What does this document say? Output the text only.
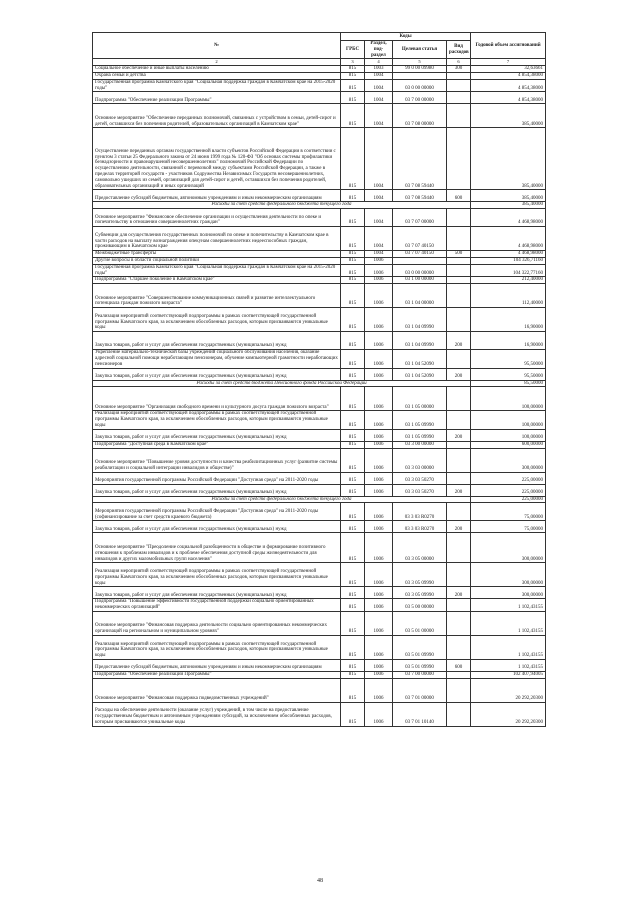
№	Коды				Годовой объем ассигнований
	ГРБС	Раздел, под-раздел	Целевая статья	Вид расходов	
2	3	4	5	6	7
Социальное обеспечение и иные выплаты населению	815	1003	99 0 00 09980	300	32,63661
Охрана семьи и детства	815	1004			4 854,38000
Государственная программа Камчатского края "Социальная поддержка граждан в Камчатском крае на 2015-2020 годы"	815	1004	03 0 00 00000		4 854,38000
Подпрограмма "Обеспечение реализации Программы"	815	1004	03 7 00 00000		4 854,38000
Основное мероприятие "Обеспечение переданных полномочий, связанных с устройством в семьи, детей-сирот и детей, оставшихся без попечения родителей, образовательных организаций в Камчатском крае"	815	1004	03 7 08 00000		385,40000
Осуществление переданных органам государственной власти субъектов Российской Федерации в соответствии с пунктом 3 статьи 25 Федерального закона от 24 июня 1999 года № 120-ФЗ "Об основах системы профилактики безнадзорности и правонарушений несовершеннолетних" полномочий Российской Федерации по осуществлению деятельности, связанной с перевозкой между субъектами Российской Федерации, а также в пределах территорий государств - участников Содружества Независимых Государств несовершеннолетних, самовольно ушедших из семей, организаций для детей-сирот и детей, оставшихся без попечения родителей, образовательных организаций и иных организаций	815	1004	03 7 08 59440		385,40000
Предоставление субсидий бюджетным, автономным учреждениям и иным некоммерческим организациям	815	1004	03 7 08 59440	600	385,40000
Расходы за счет средств федерального бюджета текущего года					385,40000
Основное мероприятие "Финансовое обеспечение организации и осуществления деятельности по опеке и попечительству в отношении совершеннолетних граждан"	815	1004	03 7 07 00000		4 468,98000
Субвенции для осуществления государственных полномочий по опеке и попечительству в Камчатском крае в части расходов на выплату вознаграждения опекунам совершеннолетних недееспособных граждан, проживающим в Камчатском крае	815	1004	03 7 07 40150		4 468,98000
Межбюджетные трансферты	815	1004	03 7 07 40150	500	4 468,98000
Другие вопросы в области социальной политики	815	1006			104 326,71160
Государственная программа Камчатского края "Социальная поддержка граждан в Камчатском крае на 2015-2020 годы"	815	1006	03 0 00 00000		104 322,77160
Подпрограмма "Старшее поколение в Камчатском крае"	815	1006	03 1 00 00000		212,40000
Основное мероприятие "Совершенствование коммуникационных связей и развитие интеллектуального потенциала граждан пожилого возраста"	815	1006	03 1 04 00000		112,40000
Реализация мероприятий соответствующей подпрограммы в рамках соответствующей государственной программы Камчатского края, за исключением обособленных расходов, которым присваиваются уникальные коды	815	1006	03 1 04 09990		16,90000
Закупка товаров, работ и услуг для обеспечения государственных (муниципальных) нужд	815	1006	03 1 04 09990	200	16,90000
Укрепление материально-технической базы учреждений социального обслуживания населения, оказание адресной социальной помощи неработающим пенсионерам, обучение компьютерной грамотности неработающих пенсионеров	815	1006	03 1 04 52090		95,50000
Закупка товаров, работ и услуг для обеспечения государственных (муниципальных) нужд	815	1006	03 1 04 52090	200	95,50000
Расходы за счет средств бюджета Пенсионного фонда Российской Федерации					85,50000
Основное мероприятие "Организация свободного времени и культурного досуга граждан пожилого возраста"	815	1006	03 1 05 00000		100,00000
Реализация мероприятий соответствующей подпрограммы в рамках соответствующей государственной программы Камчатского края, за исключением обособленных расходов, которым присваиваются уникальные коды	815	1006	03 1 05 09990		100,00000
Закупка товаров, работ и услуг для обеспечения государственных (муниципальных) нужд	815	1006	03 1 05 09990	200	100,00000
Подпрограмма "Доступная среда в Камчатском крае"	815	1006	03 3 00 00000		600,00000
Основное мероприятие "Повышение уровня доступности и качества реабилитационных услуг (развитие системы реабилитации и социальной интеграции инвалидов и обществе)"	815	1006	03 3 03 00000		300,00000
Мероприятия государственной программы Российской Федерации "Доступная среда" на 2011-2020 годы	815	1006	03 3 03 50270		225,00000
Закупка товаров, работ и услуг для обеспечения государственных (муниципальных) нужд	815	1006	03 3 03 50270	200	225,00000
Расходы за счет средств федерального бюджета текущего года					225,00000
Мероприятия государственной программы Российской Федерации "Доступная среда" на 2011-2020 годы (софинансирование за счет средств краевого бюджета)	815	1006	03 3 03 R0270		75,00000
Закупка товаров, работ и услуг для обеспечения государственных (муниципальных) нужд	815	1006	03 3 03 R0270	200	75,00000
Основное мероприятие "Преодоление социальной разобщенности в обществе и формирование позитивного отношения к проблемам инвалидов и к проблеме обеспечения доступной среды жизнедеятельности для инвалидов и других маломобильных групп населения"	815	1006	03 3 05 00000		300,00000
Реализация мероприятий соответствующей подпрограммы в рамках соответствующей государственной программы Камчатского края, за исключением обособленных расходов, которым присваиваются уникальные коды	815	1006	03 3 05 09990		300,00000
Закупка товаров, работ и услуг для обеспечения государственных (муниципальных) нужд	815	1006	03 3 05 09990	200	300,00000
Подпрограмма "Повышение эффективности государственной поддержки социально ориентированных некоммерческих организаций"	815	1006	03 5 00 00000		1 102,43155
Основное мероприятие "Финансовая поддержка деятельности социально ориентированных некоммерческих организаций на региональном и муниципальном уровнях"	815	1006	03 5 01 00000		1 102,43155
Реализация мероприятий соответствующей подпрограммы в рамках соответствующей государственной программы Камчатского края, за исключением обособленных расходов, которым присваиваются уникальные коды	815	1006	03 5 01 09990		1 102,43155
Предоставление субсидий бюджетным, автономным учреждениям и иным некоммерческим организациям	815	1006	03 5 01 09990	600	1 102,43155
Подпрограмма "Обеспечение реализации Программы"	815	1006	03 7 00 00000		102 407,94005
Основное мероприятие "Финансовая поддержка подведомственных учреждений"	815	1006	03 7 01 00000		20 292,20300
Расходы на обеспечение деятельности (оказание услуг) учреждений, в том числе на предоставление государственным бюджетным и автономным учреждениям субсидий, за исключением обособленных расходов, которым присваиваются уникальные коды	815	1006	03 7 01 10140		20 292,20300
48
